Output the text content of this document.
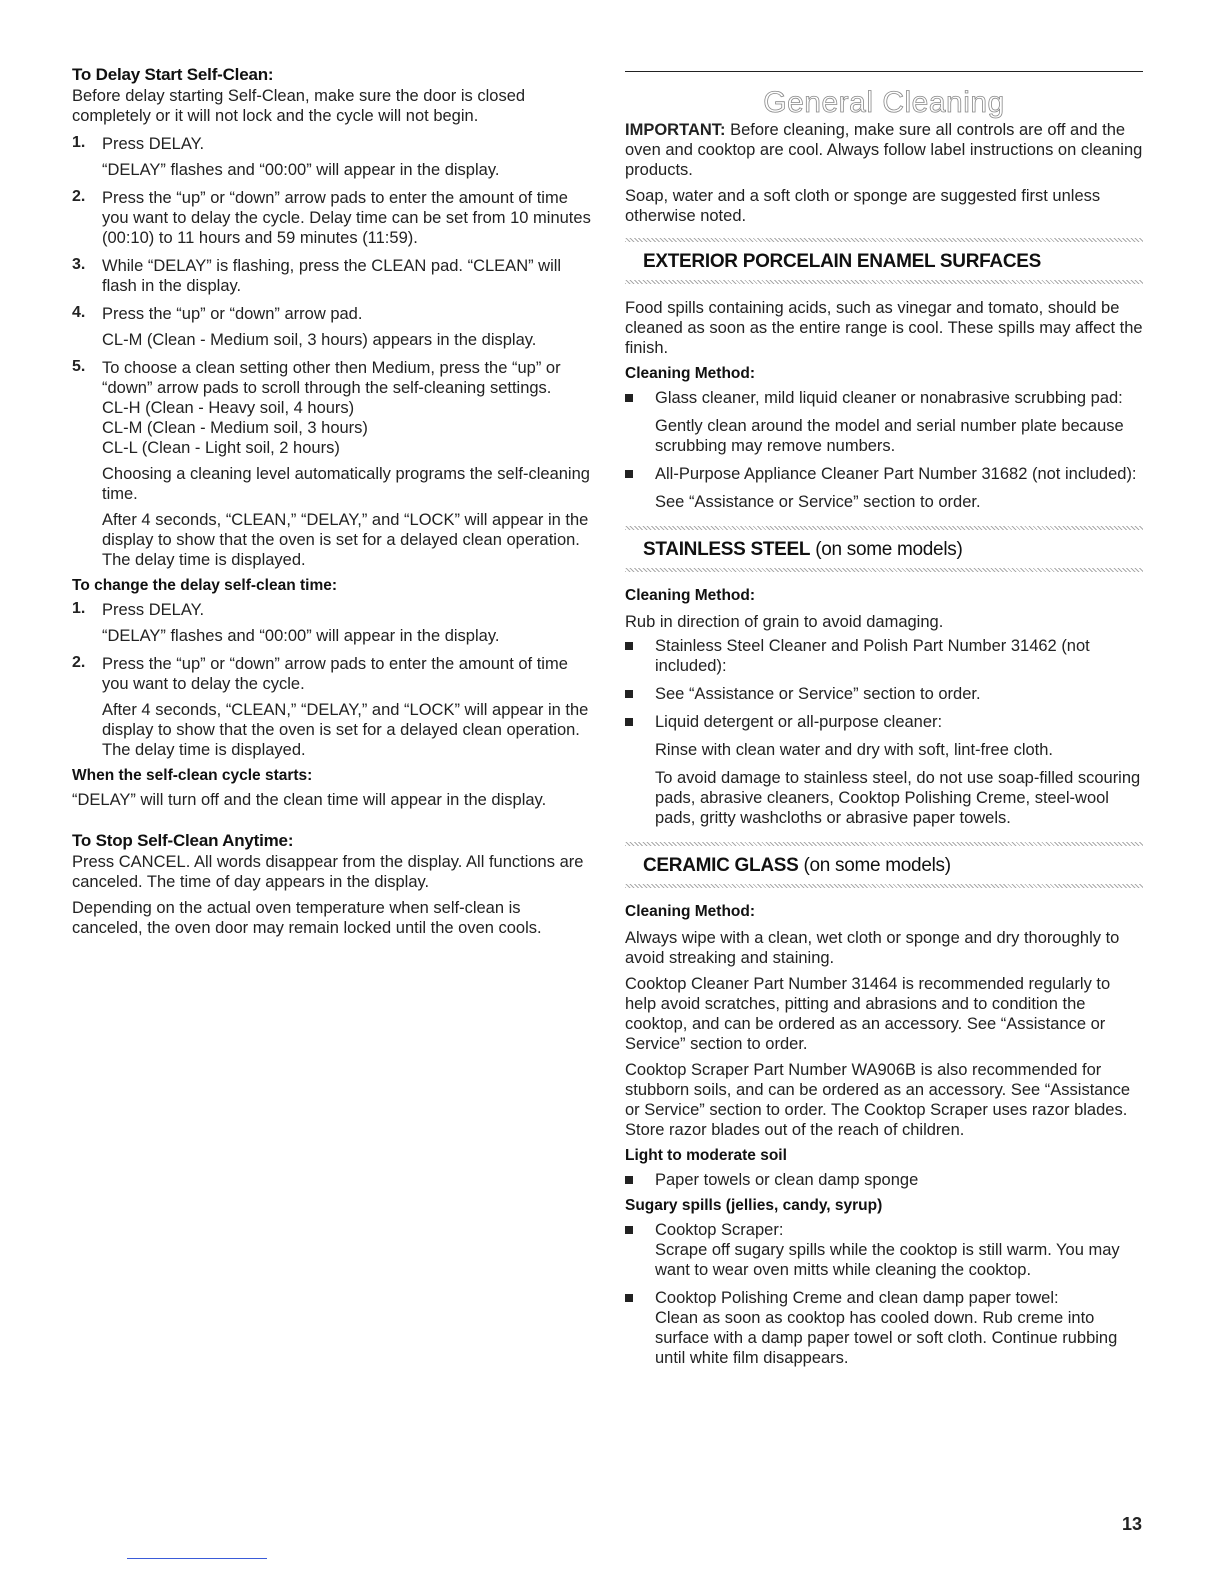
To Delay Start Self-Clean:

Before delay starting Self-Clean, make sure the door is closed completely or it will not lock and the cycle will not begin.

1. Press DELAY.

“DELAY” flashes and “00:00” will appear in the display.

2. Press the “up” or “down” arrow pads to enter the amount of time you want to delay the cycle. Delay time can be set from 10 minutes (00:10) to 11 hours and 59 minutes (11:59).

3. While “DELAY” is flashing, press the CLEAN pad. “CLEAN” will flash in the display.

4. Press the “up” or “down” arrow pad.

CL-M (Clean - Medium soil, 3 hours) appears in the display.

5. To choose a clean setting other then Medium, press the “up” or “down” arrow pads to scroll through the self-cleaning settings.

CL-H (Clean - Heavy soil, 4 hours)

CL-M (Clean - Medium soil, 3 hours)

CL-L (Clean - Light soil, 2 hours)

Choosing a cleaning level automatically programs the self-cleaning time.

After 4 seconds, “CLEAN,” “DELAY,” and “LOCK” will appear in the display to show that the oven is set for a delayed clean operation. The delay time is displayed.

To change the delay self-clean time:

1. Press DELAY.

“DELAY” flashes and “00:00” will appear in the display.

2. Press the “up” or “down” arrow pads to enter the amount of time you want to delay the cycle.

After 4 seconds, “CLEAN,” “DELAY,” and “LOCK” will appear in the display to show that the oven is set for a delayed clean operation. The delay time is displayed.

When the self-clean cycle starts:

“DELAY” will turn off and the clean time will appear in the display.

To Stop Self-Clean Anytime:

Press CANCEL. All words disappear from the display. All functions are canceled. The time of day appears in the display.

Depending on the actual oven temperature when self-clean is canceled, the oven door may remain locked until the oven cools.

General Cleaning

IMPORTANT: Before cleaning, make sure all controls are off and the oven and cooktop are cool. Always follow label instructions on cleaning products.

Soap, water and a soft cloth or sponge are suggested first unless otherwise noted.

EXTERIOR PORCELAIN ENAMEL SURFACES

Food spills containing acids, such as vinegar and tomato, should be cleaned as soon as the entire range is cool. These spills may affect the finish.

Cleaning Method:

Glass cleaner, mild liquid cleaner or nonabrasive scrubbing pad:

Gently clean around the model and serial number plate because scrubbing may remove numbers.

All-Purpose Appliance Cleaner Part Number 31682 (not included):

See “Assistance or Service” section to order.

STAINLESS STEEL (on some models)

Cleaning Method:

Rub in direction of grain to avoid damaging.

Stainless Steel Cleaner and Polish Part Number 31462 (not included):

See “Assistance or Service” section to order.

Liquid detergent or all-purpose cleaner:

Rinse with clean water and dry with soft, lint-free cloth.

To avoid damage to stainless steel, do not use soap-filled scouring pads, abrasive cleaners, Cooktop Polishing Creme, steel-wool pads, gritty washcloths or abrasive paper towels.

CERAMIC GLASS (on some models)

Cleaning Method:

Always wipe with a clean, wet cloth or sponge and dry thoroughly to avoid streaking and staining.

Cooktop Cleaner Part Number 31464 is recommended regularly to help avoid scratches, pitting and abrasions and to condition the cooktop, and can be ordered as an accessory. See “Assistance or Service” section to order.

Cooktop Scraper Part Number WA906B is also recommended for stubborn soils, and can be ordered as an accessory. See “Assistance or Service” section to order. The Cooktop Scraper uses razor blades. Store razor blades out of the reach of children.

Light to moderate soil

Paper towels or clean damp sponge

Sugary spills (jellies, candy, syrup)

Cooktop Scraper:

Scrape off sugary spills while the cooktop is still warm. You may want to wear oven mitts while cleaning the cooktop.

Cooktop Polishing Creme and clean damp paper towel:

Clean as soon as cooktop has cooled down. Rub creme into surface with a damp paper towel or soft cloth. Continue rubbing until white film disappears.

13
